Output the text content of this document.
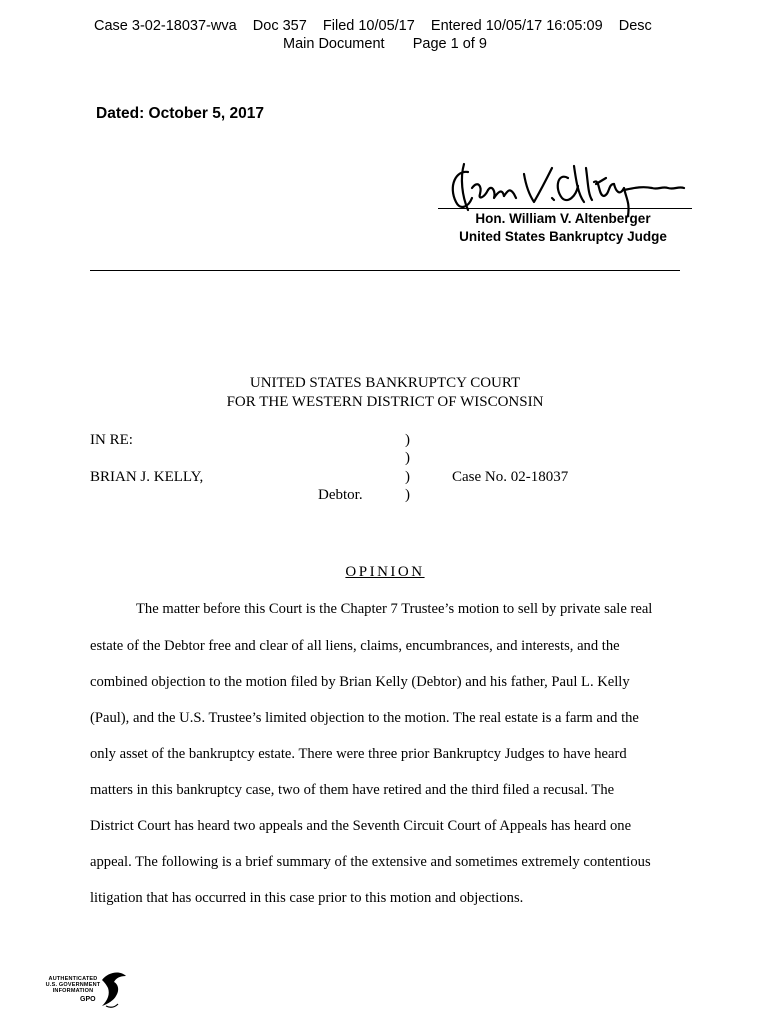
Case 3-02-18037-wva    Doc 357    Filed 10/05/17    Entered 10/05/17 16:05:09    Desc
Main Document       Page 1 of 9
Dated: October 5, 2017
Hon. William V. Altenberger
United States Bankruptcy Judge
UNITED STATES BANKRUPTCY COURT
FOR THE WESTERN DISTRICT OF WISCONSIN
IN RE:
BRIAN J. KELLY,
Debtor.
)
)
)
)
Case No. 02-18037
OPINION
The matter before this Court is the Chapter 7 Trustee’s motion to sell by private sale real
estate of the Debtor free and clear of all liens, claims, encumbrances, and interests, and the
combined objection to the motion filed by Brian Kelly (Debtor) and his father, Paul L. Kelly
(Paul), and the U.S. Trustee’s limited objection to the motion. The real estate is a farm and the
only asset of the bankruptcy estate. There were three prior Bankruptcy Judges to have heard
matters in this bankruptcy case, two of them have retired and the third filed a recusal. The
District Court has heard two appeals and the Seventh Circuit Court of Appeals has heard one
appeal. The following is a brief summary of the extensive and sometimes extremely contentious
litigation that has occurred in this case prior to this motion and objections.
AUTHENTICATED
U.S. GOVERNMENT
INFORMATION
GPO
